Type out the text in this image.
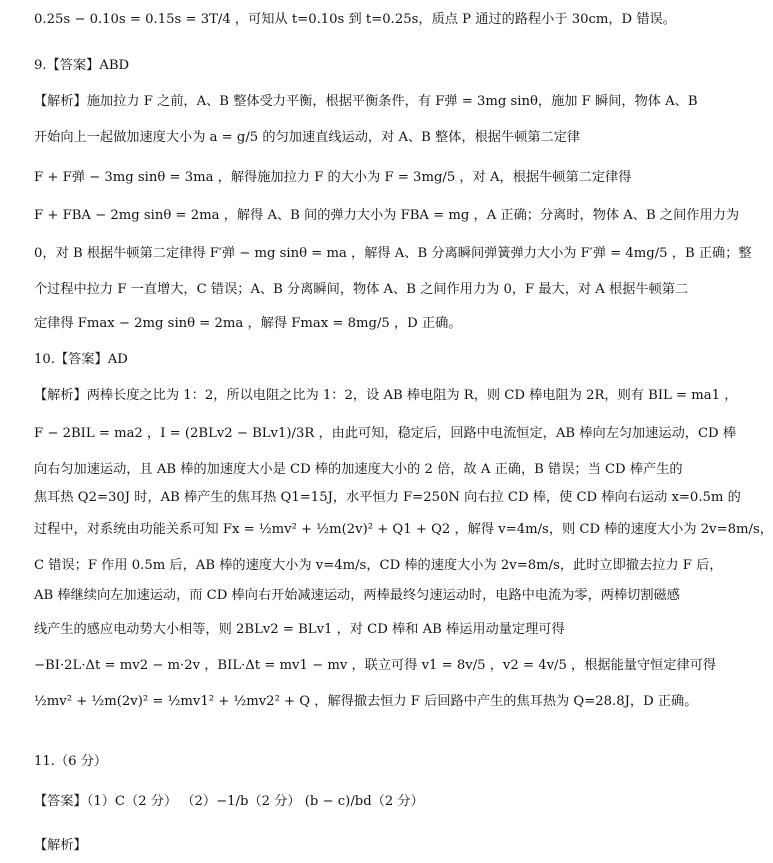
0.25s − 0.10s = 0.15s = 3T/4 ，可知从 t=0.10s 到 t=0.25s，质点 P 通过的路程小于 30cm，D 错误。
9.【答案】ABD
【解析】施加拉力 F 之前，A、B 整体受力平衡，根据平衡条件，有 F弹 = 3mg sinθ，施加 F 瞬间，物体 A、B
开始向上一起做加速度大小为 a = g/5 的匀加速直线运动，对 A、B 整体，根据牛顿第二定律
F + F弹 − 3mg sinθ = 3ma ，解得施加拉力 F 的大小为 F = 3mg/5 ，对 A，根据牛顿第二定律得
F + FBA − 2mg sinθ = 2ma ，解得 A、B 间的弹力大小为 FBA = mg ，A 正确；分离时，物体 A、B 之间作用力为
0，对 B 根据牛顿第二定律得 F′弹 − mg sinθ = ma ，解得 A、B 分离瞬间弹簧弹力大小为 F′弹 = 4mg/5 ，B 正确；整
个过程中拉力 F 一直增大，C 错误；A、B 分离瞬间，物体 A、B 之间作用力为 0，F 最大，对 A 根据牛顿第二
定律得 Fmax − 2mg sinθ = 2ma ，解得 Fmax = 8mg/5 ，D 正确。
10.【答案】AD
【解析】两棒长度之比为 1：2，所以电阻之比为 1：2，设 AB 棒电阻为 R，则 CD 棒电阻为 2R，则有 BIL = ma1 ，
F − 2BIL = ma2 ，I = (2BLv2 − BLv1)/3R ，由此可知，稳定后，回路中电流恒定，AB 棒向左匀加速运动，CD 棒
向右匀加速运动，且 AB 棒的加速度大小是 CD 棒的加速度大小的 2 倍，故 A 正确，B 错误；当 CD 棒产生的
焦耳热 Q2=30J 时，AB 棒产生的焦耳热 Q1=15J，水平恒力 F=250N 向右拉 CD 棒，使 CD 棒向右运动 x=0.5m 的
过程中，对系统由功能关系可知 Fx = ½mv² + ½m(2v)² + Q1 + Q2 ，解得 v=4m/s，则 CD 棒的速度大小为 2v=8m/s，
C 错误；F 作用 0.5m 后，AB 棒的速度大小为 v=4m/s，CD 棒的速度大小为 2v=8m/s，此时立即撤去拉力 F 后，
AB 棒继续向左加速运动，而 CD 棒向右开始减速运动，两棒最终匀速运动时，电路中电流为零，两棒切割磁感
线产生的感应电动势大小相等，则 2BLv2 = BLv1 ，对 CD 棒和 AB 棒运用动量定理可得
−BI·2L·Δt = mv2 − m·2v ，BIL·Δt = mv1 − mv ，联立可得 v1 = 8v/5 ，v2 = 4v/5 ，根据能量守恒定律可得
½mv² + ½m(2v)² = ½mv1² + ½mv2² + Q ，解得撤去恒力 F 后回路中产生的焦耳热为 Q=28.8J，D 正确。
11.（6 分）
【答案】（1）C（2 分） （2）−1/b（2 分） (b − c)/bd（2 分）
【解析】
